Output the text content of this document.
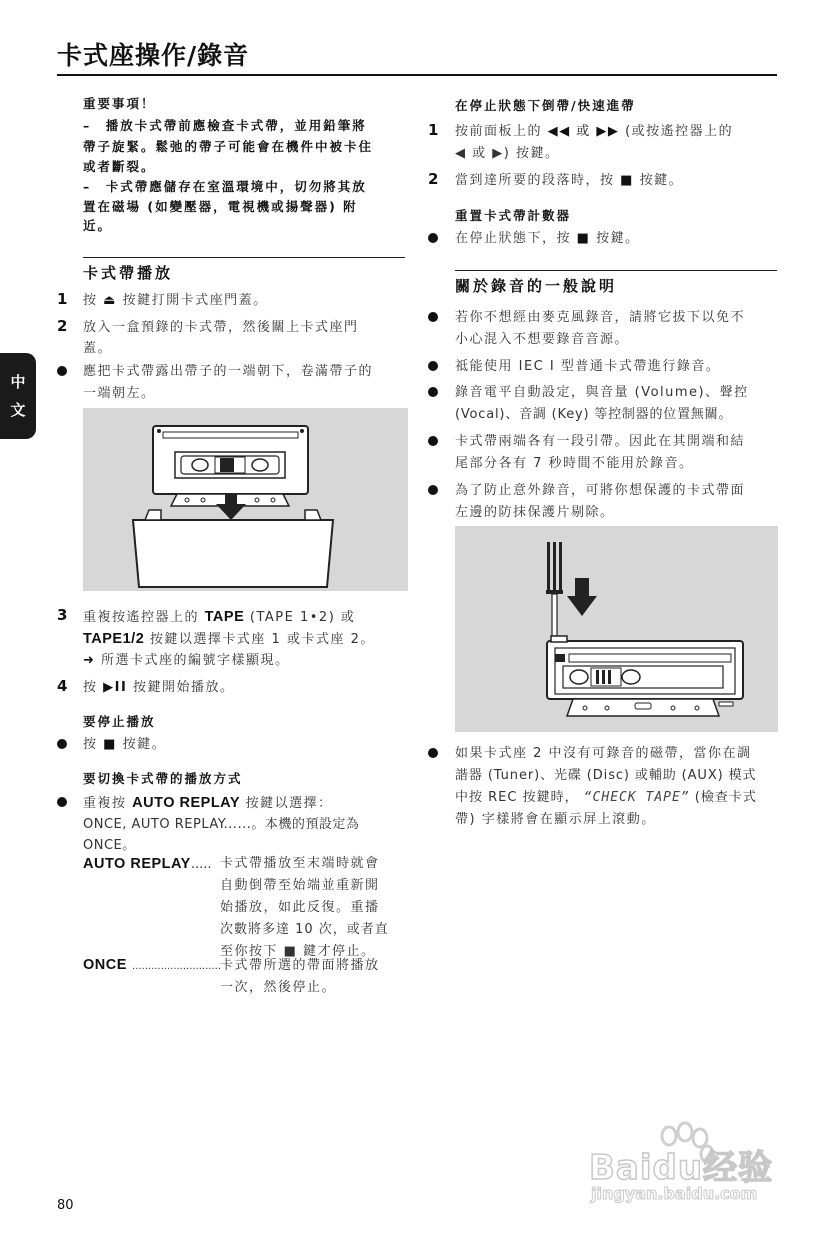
卡式座操作/錄音
中
文
重要事項！
–　播放卡式帶前應檢查卡式帶，並用鉛筆將
帶子旋緊。鬆弛的帶子可能會在機件中被卡住
或者斷裂。
–　卡式帶應儲存在室溫環境中，切勿將其放
置在磁場 (如變壓器，電視機或揚聲器) 附
近。
卡式帶播放
1 按 ⏏ 按鍵打開卡式座門蓋。
2 放入一盒預錄的卡式帶，然後關上卡式座門
蓋。
應把卡式帶露出帶子的一端朝下，卷滿帶子的
一端朝左。
3 重複按遙控器上的 TAPE (TAPE 1•2) 或
TAPE1/2 按鍵以選擇卡式座 1 或卡式座 2。
➜ 所選卡式座的編號字樣顯現。
4 按 ▶II 按鍵開始播放。
要停止播放
按 ■ 按鍵。
要切換卡式帶的播放方式
重複按 AUTO REPLAY 按鍵以選擇：
ONCE, AUTO REPLAY......。本機的預設定為
ONCE。
AUTO REPLAY..... 卡式帶播放至末端時就會
自動倒帶至始端並重新開
始播放，如此反復。重播
次數將多達 10 次，或者直
至你按下 ■ 鍵才停止。
ONCE ............................
卡式帶所選的帶面將播放
一次，然後停止。
在停止狀態下倒帶/快速進帶
1 按前面板上的 ◀◀ 或 ▶▶ (或按遙控器上的
◀ 或 ▶) 按鍵。
2 當到達所要的段落時，按 ■ 按鍵。
重置卡式帶計數器
在停止狀態下，按 ■ 按鍵。
關於錄音的一般說明
若你不想經由麥克風錄音，請將它拔下以免不
小心混入不想要錄音音源。
祗能使用 IEC I 型普通卡式帶進行錄音。
錄音電平自動設定，與音量 (Volume)、聲控
(Vocal)、音調 (Key) 等控制器的位置無關。
卡式帶兩端各有一段引帶。因此在其開端和結
尾部分各有 7 秒時間不能用於錄音。
為了防止意外錄音，可將你想保護的卡式帶面
左邊的防抹保護片剔除。
如果卡式座 2 中沒有可錄音的磁帶，當你在調
諧器 (Tuner)、光碟 (Disc) 或輔助 (AUX) 模式
中按 REC 按鍵時， “CHECK TAPE” (檢查卡式
帶) 字樣將會在顯示屏上滾動。
Baidu经验
jingyan.baidu.com
80
